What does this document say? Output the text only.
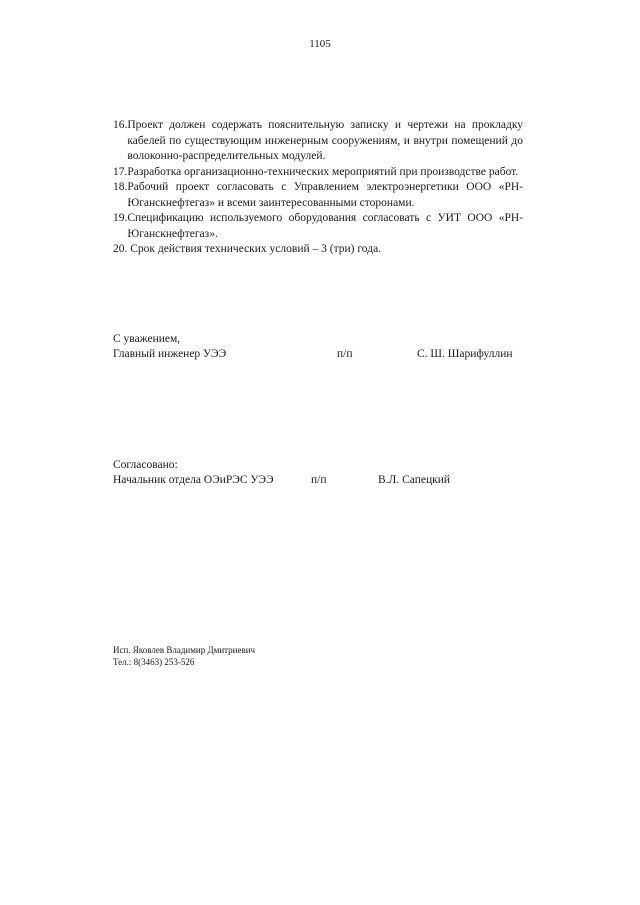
1105
16. Проект должен содержать пояснительную записку и чертежи на прокладку кабелей по существующим инженерным сооружениям, и внутри помещений до волоконно-распределительных модулей.
17. Разработка организационно-технических мероприятий при производстве работ.
18. Рабочий проект согласовать с Управлением электроэнергетики ООО «РН-Юганскнефтегаз» и всеми заинтересованными сторонами.
19. Спецификацию используемого оборудования согласовать с УИТ ООО «РН-Юганскнефтегаз».
20. Срок действия технических условий – 3 (три) года.
С уважением,
Главный инженер УЭЭ	п/п	С. Ш. Шарифуллин
Согласовано:
Начальник отдела ОЭиРЭС УЭЭ	п/п	В.Л. Сапецкий
Исп. Яковлев Владимир Дмитриевич
Тел.: 8(3463) 253-526
